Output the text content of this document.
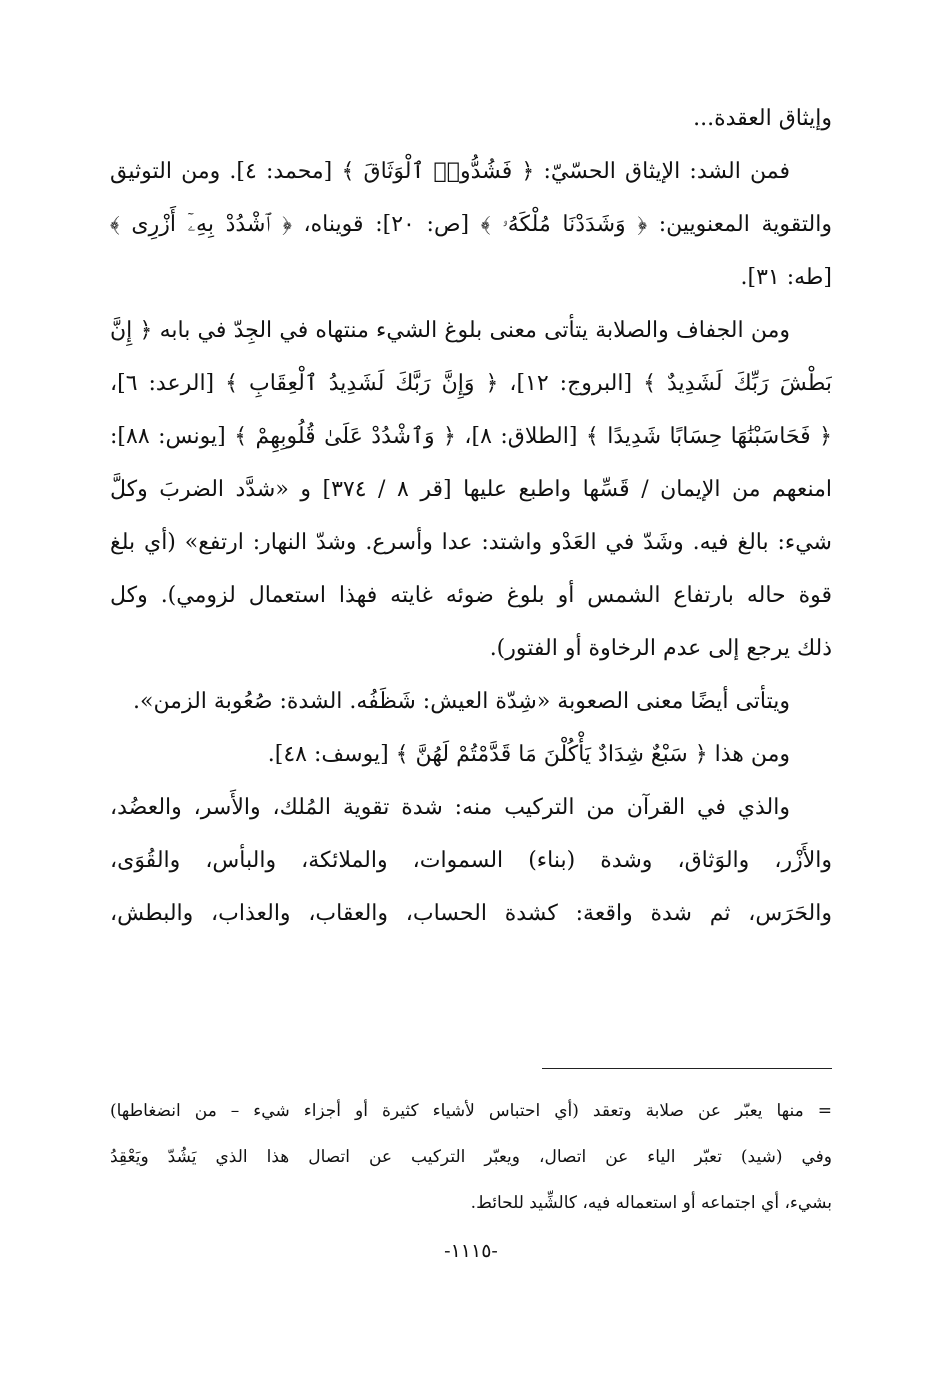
وإيثاق العقدة...
فمن الشد: الإيثاق الحسّيّ: ﴿ فَشُدُّوا۟ ٱلْوَثَاقَ ﴾ [محمد: ٤]. ومن التوثيق
والتقوية المعنويين: ﴿ وَشَدَدْنَا مُلْكَهُۥ ﴾ [ص: ٢٠]: قويناه، ﴿ ٱشْدُدْ بِهِۦٓ أَزْرِى ﴾
[طه: ٣١].
ومن الجفاف والصلابة يتأتى معنى بلوغ الشيء منتهاه في الجِدّ في بابه ﴿ إِنَّ
بَطْشَ رَبِّكَ لَشَدِيدٌ ﴾ [البروج: ١٢]، ﴿ وَإِنَّ رَبَّكَ لَشَدِيدُ ٱلْعِقَابِ ﴾ [الرعد: ٦]،
﴿ فَحَاسَبْنَٰهَا حِسَابًا شَدِيدًا ﴾ [الطلاق: ٨]، ﴿ وَٱشْدُدْ عَلَىٰ قُلُوبِهِمْ ﴾ [يونس: ٨٨]:
امنعهم من الإيمان / قَسِّها واطبع عليها [قر ٨ / ٣٧٤] و «شدَّد الضربَ وكلَّ
شيء: بالغ فيه. وشَدّ في العَدْو واشتد: عدا وأسرع. وشدّ النهار: ارتفع» (أي بلغ
قوة حاله بارتفاع الشمس أو بلوغ ضوئه غايته فهذا استعمال لزومي). وكل
ذلك يرجع إلى عدم الرخاوة أو الفتور).
ويتأتى أيضًا معنى الصعوبة «شِدّة العيش: شَظَفُه. الشدة: صُعُوبة الزمن».
ومن هذا ﴿ سَبْعٌ شِدَادٌ يَأْكُلْنَ مَا قَدَّمْتُمْ لَهُنَّ ﴾ [يوسف: ٤٨].
والذي في القرآن من التركيب منه: شدة تقوية المُلك، والأَسر، والعضُد،
والأَزْر، والوَثاق، وشدة (بناء) السموات، والملائكة، والبأس، والقُوَى،
والحَرَس، ثم شدة واقعة: كشدة الحساب، والعقاب، والعذاب، والبطش،
= منها يعبّر عن صلابة وتعقد (أي احتباس لأشياء كثيرة أو أجزاء شيء – من انضغاطها)
وفي (شيد) تعبّر الياء عن اتصال، ويعبّر التركيب عن اتصال هذا الذي يَشُدّ ويَعْقِدُ
بشيء، أي اجتماعه أو استعماله فيه، كالشِّيد للحائط.
-١١١٥-
